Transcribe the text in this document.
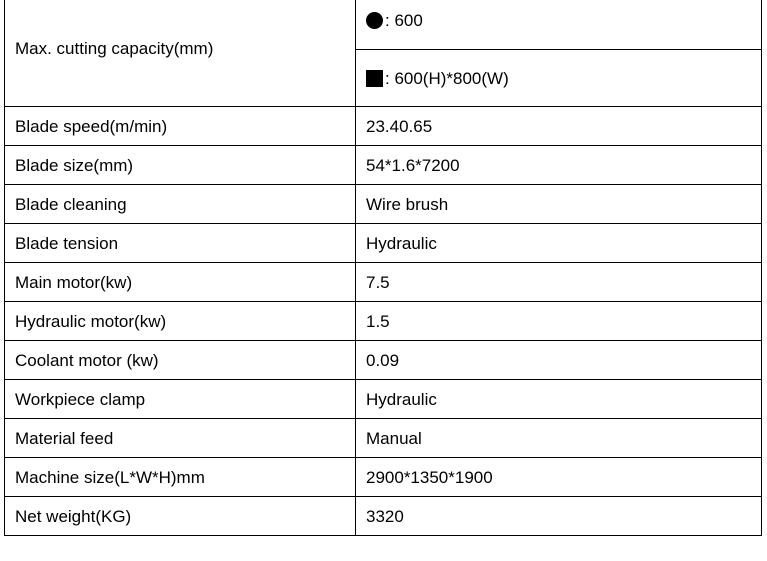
Max. cutting capacity(mm)	: 600
	: 600(H)*800(W)
Blade speed(m/min)	23.40.65
Blade size(mm)	54*1.6*7200
Blade cleaning	Wire brush
Blade tension	Hydraulic
Main motor(kw)	7.5
Hydraulic motor(kw)	1.5
Coolant motor (kw)	0.09
Workpiece clamp	Hydraulic
Material feed	Manual
Machine size(L*W*H)mm	2900*1350*1900
Net weight(KG)	3320
